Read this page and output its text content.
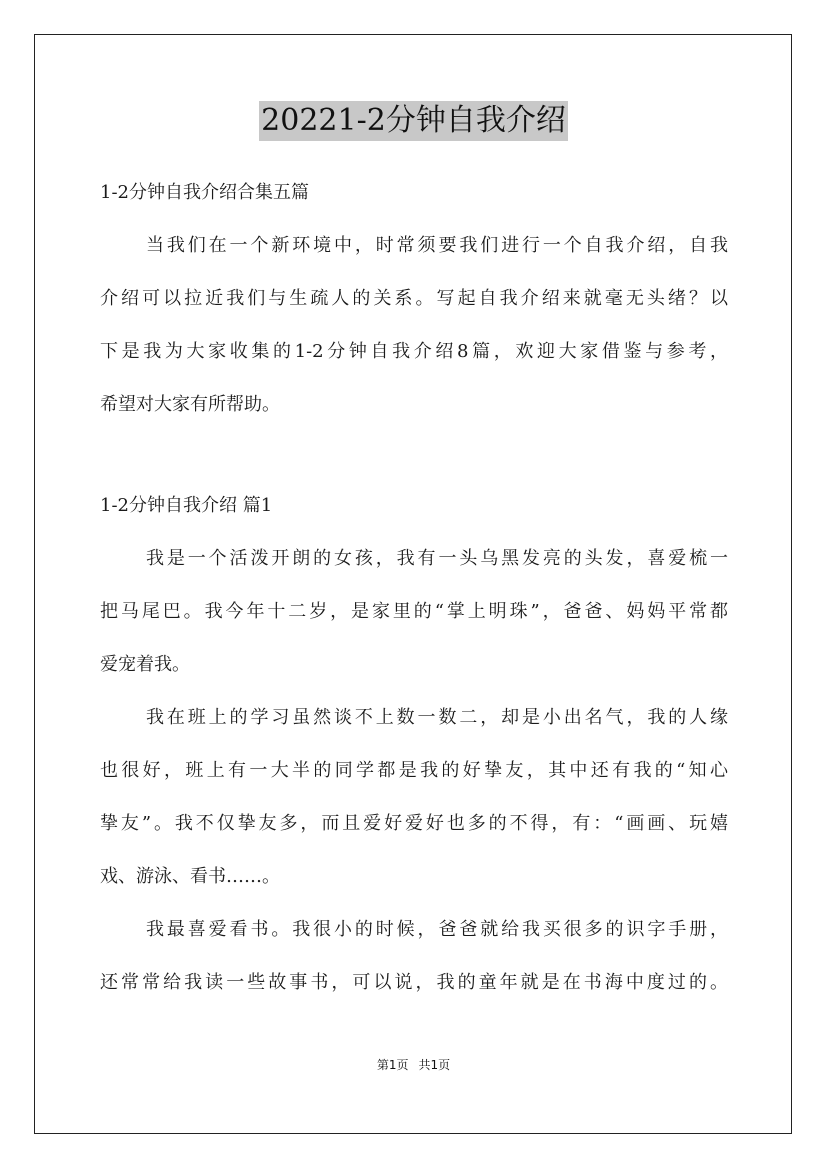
20221-2分钟自我介绍
1-2分钟自我介绍合集五篇
当我们在一个新环境中，时常须要我们进行一个自我介绍，自我
介绍可以拉近我们与生疏人的关系。写起自我介绍来就毫无头绪？以
下是我为大家收集的1-2分钟自我介绍8篇，欢迎大家借鉴与参考，
希望对大家有所帮助。
1-2分钟自我介绍 篇1
我是一个活泼开朗的女孩，我有一头乌黑发亮的头发，喜爱梳一
把马尾巴。我今年十二岁，是家里的“掌上明珠”，爸爸、妈妈平常都
爱宠着我。
我在班上的学习虽然谈不上数一数二，却是小出名气，我的人缘
也很好，班上有一大半的同学都是我的好挚友，其中还有我的“知心
挚友”。我不仅挚友多，而且爱好爱好也多的不得，有：“画画、玩嬉
戏、游泳、看书……。
我最喜爱看书。我很小的时候，爸爸就给我买很多的识字手册，
还常常给我读一些故事书，可以说，我的童年就是在书海中度过的。
第1页 共1页
